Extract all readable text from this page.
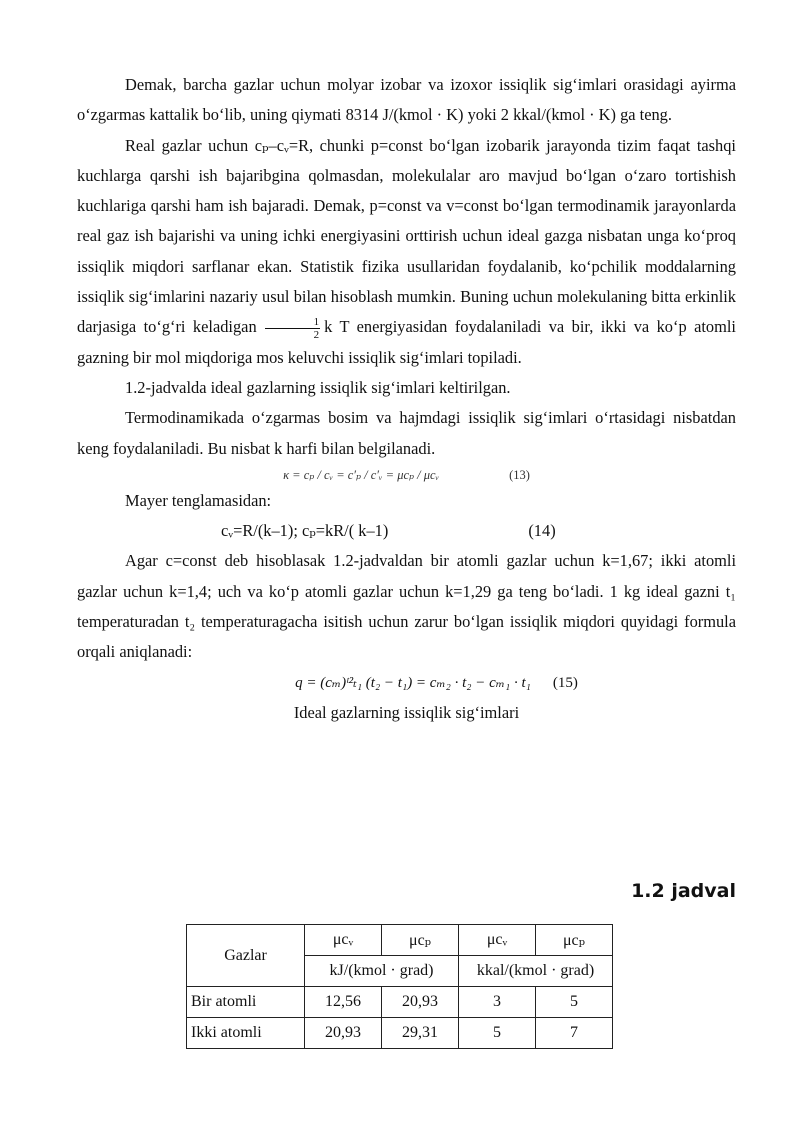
Demak, barcha gazlar uchun molyar izobar va izoxor issiqlik sig‘imlari orasidagi ayirma o‘zgarmas kattalik bo‘lib, uning qiymati 8314 J/(kmol · K) yoki 2 kkal/(kmol · K) ga teng.

Real gazlar uchun cₚ–cᵥ=R, chunki p=const bo‘lgan izobarik jarayonda tizim faqat tashqi kuchlarga qarshi ish bajaribgina qolmasdan, molekulalar aro mavjud bo‘lgan o‘zaro tortishish kuchlariga qarshi ham ish bajaradi. Demak, p=const va v=const bo‘lgan termodinamik jarayonlarda real gaz ish bajarishi va uning ichki energiyasini orttirish uchun ideal gazga nisbatan unga ko‘proq issiqlik miqdori sarflanar ekan. Statistik fizika usullaridan foydalanib, ko‘pchilik moddalarning issiqlik sig‘imlarini nazariy usul bilan hisoblash mumkin. Buning uchun molekulaning bitta erkinlik darjasiga to‘g‘ri keladigan $\frac{1}{2}$ k T energiyasidan foydalaniladi va bir, ikki va ko‘p atomli gazning bir mol miqdoriga mos keluvchi issiqlik sig‘imlari topiladi.

1.2-jadvalda ideal gazlarning issiqlik sig‘imlari keltirilgan.

Termodinamikada o‘zgarmas bosim va hajmdagi issiqlik sig‘imlari o‘rtasidagi nisbatdan keng foydalaniladi. Bu nisbat k harfi bilan belgilanadi.

κ = cₚ / cᵥ = c′ₚ / c′ᵥ = μcₚ / μcᵥ	(13)

Mayer tenglamasidan:

cᵥ=R/(k–1); cₚ=kR/( k–1)	(14)

Agar c=const deb hisoblasak 1.2-jadvaldan bir atomli gazlar uchun k=1,67; ikki atomli gazlar uchun k=1,4; uch va ko‘p atomli gazlar uchun k=1,29 ga teng bo‘ladi. 1 kg ideal gazni t₁ temperaturadan t₂ temperaturagacha isitish uchun zarur bo‘lgan issiqlik miqdori quyidagi formula orqali aniqlanadi:

q = (cₘ)ᵗ²ₜ₁ (t₂ − t₁) = cₘ₂ · t₂ − cₘ₁ · t₁ (15)

Ideal gazlarning issiqlik sig‘imlari

1.2 jadval
Gazlar	μcᵥ	μcₚ	μcᵥ	μcₚ
	kJ/(kmol · grad)		kkal/(kmol · grad)	
Bir atomli	12,56	20,93	3	5
Ikki atomli	20,93	29,31	5	7
